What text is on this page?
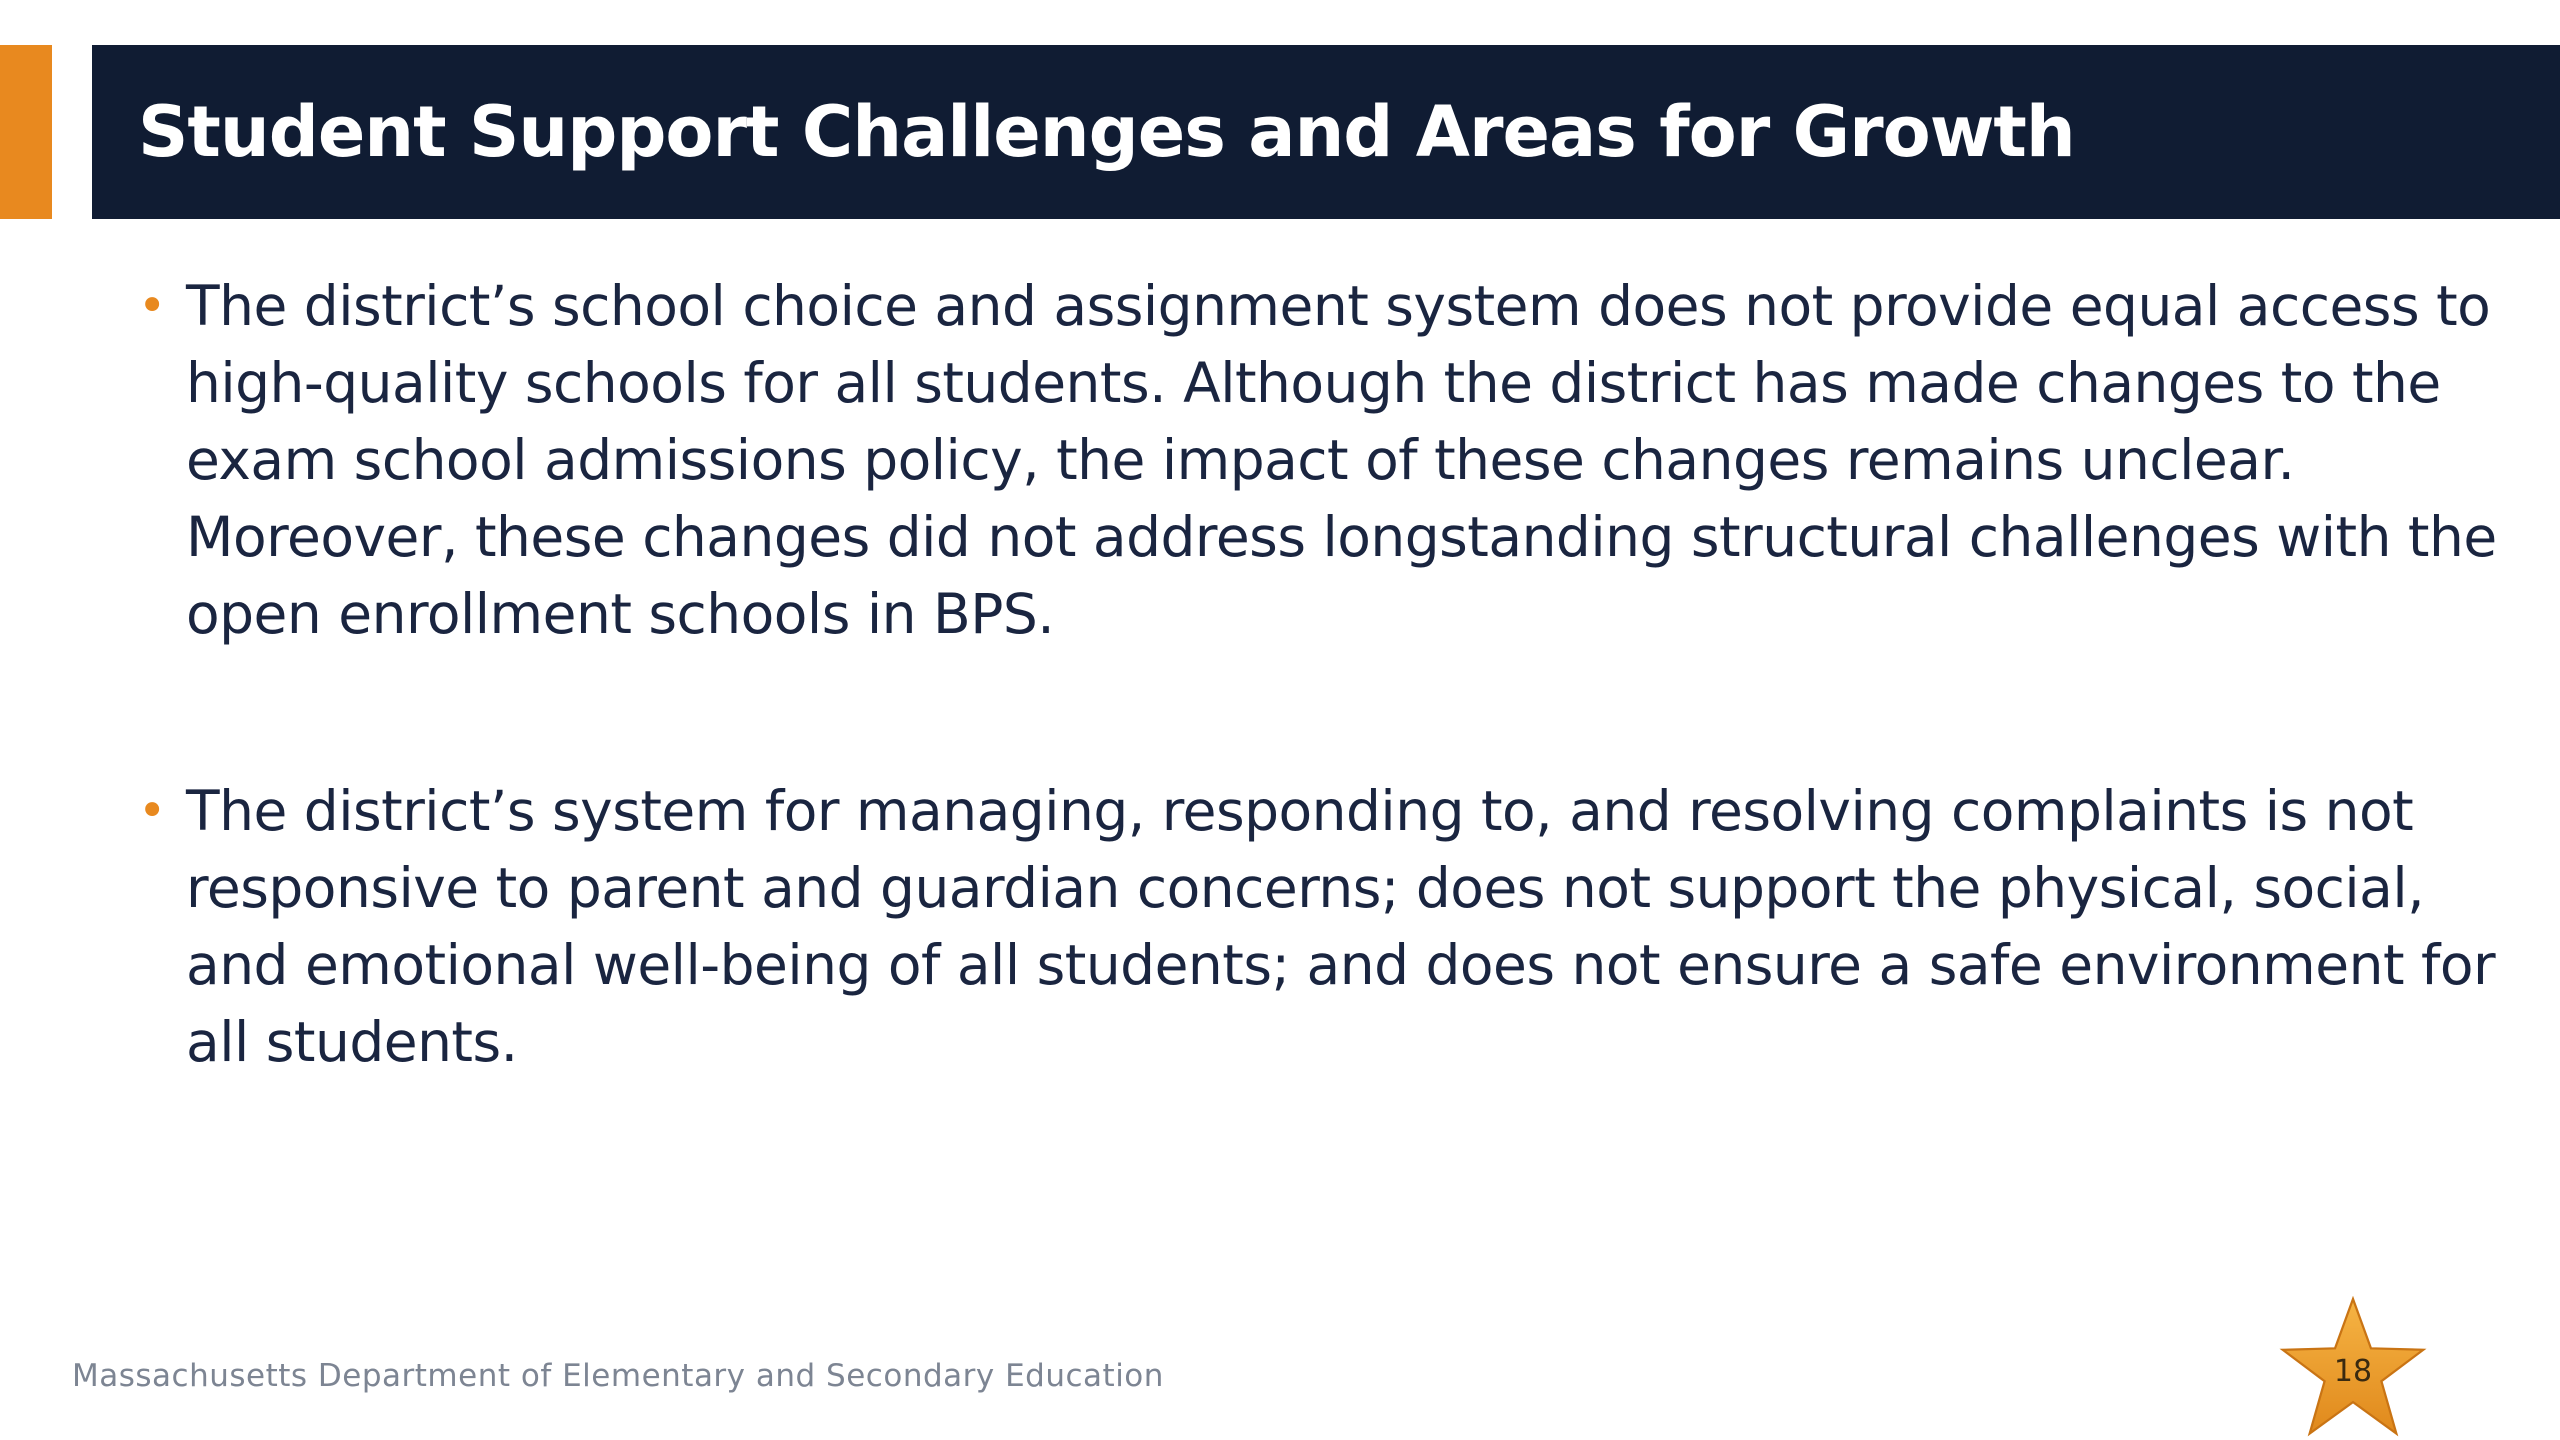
Student Support Challenges and Areas for Growth
• The district’s school choice and assignment system does not provide equal access to high-quality schools for all students. Although the district has made changes to the exam school admissions policy, the impact of these changes remains unclear. Moreover, these changes did not address longstanding structural challenges with the open enrollment schools in BPS.
• The district’s system for managing, responding to, and resolving complaints is not responsive to parent and guardian concerns; does not support the physical, social, and emotional well-being of all students; and does not ensure a safe environment for all students.
Massachusetts Department of Elementary and Secondary Education	18
